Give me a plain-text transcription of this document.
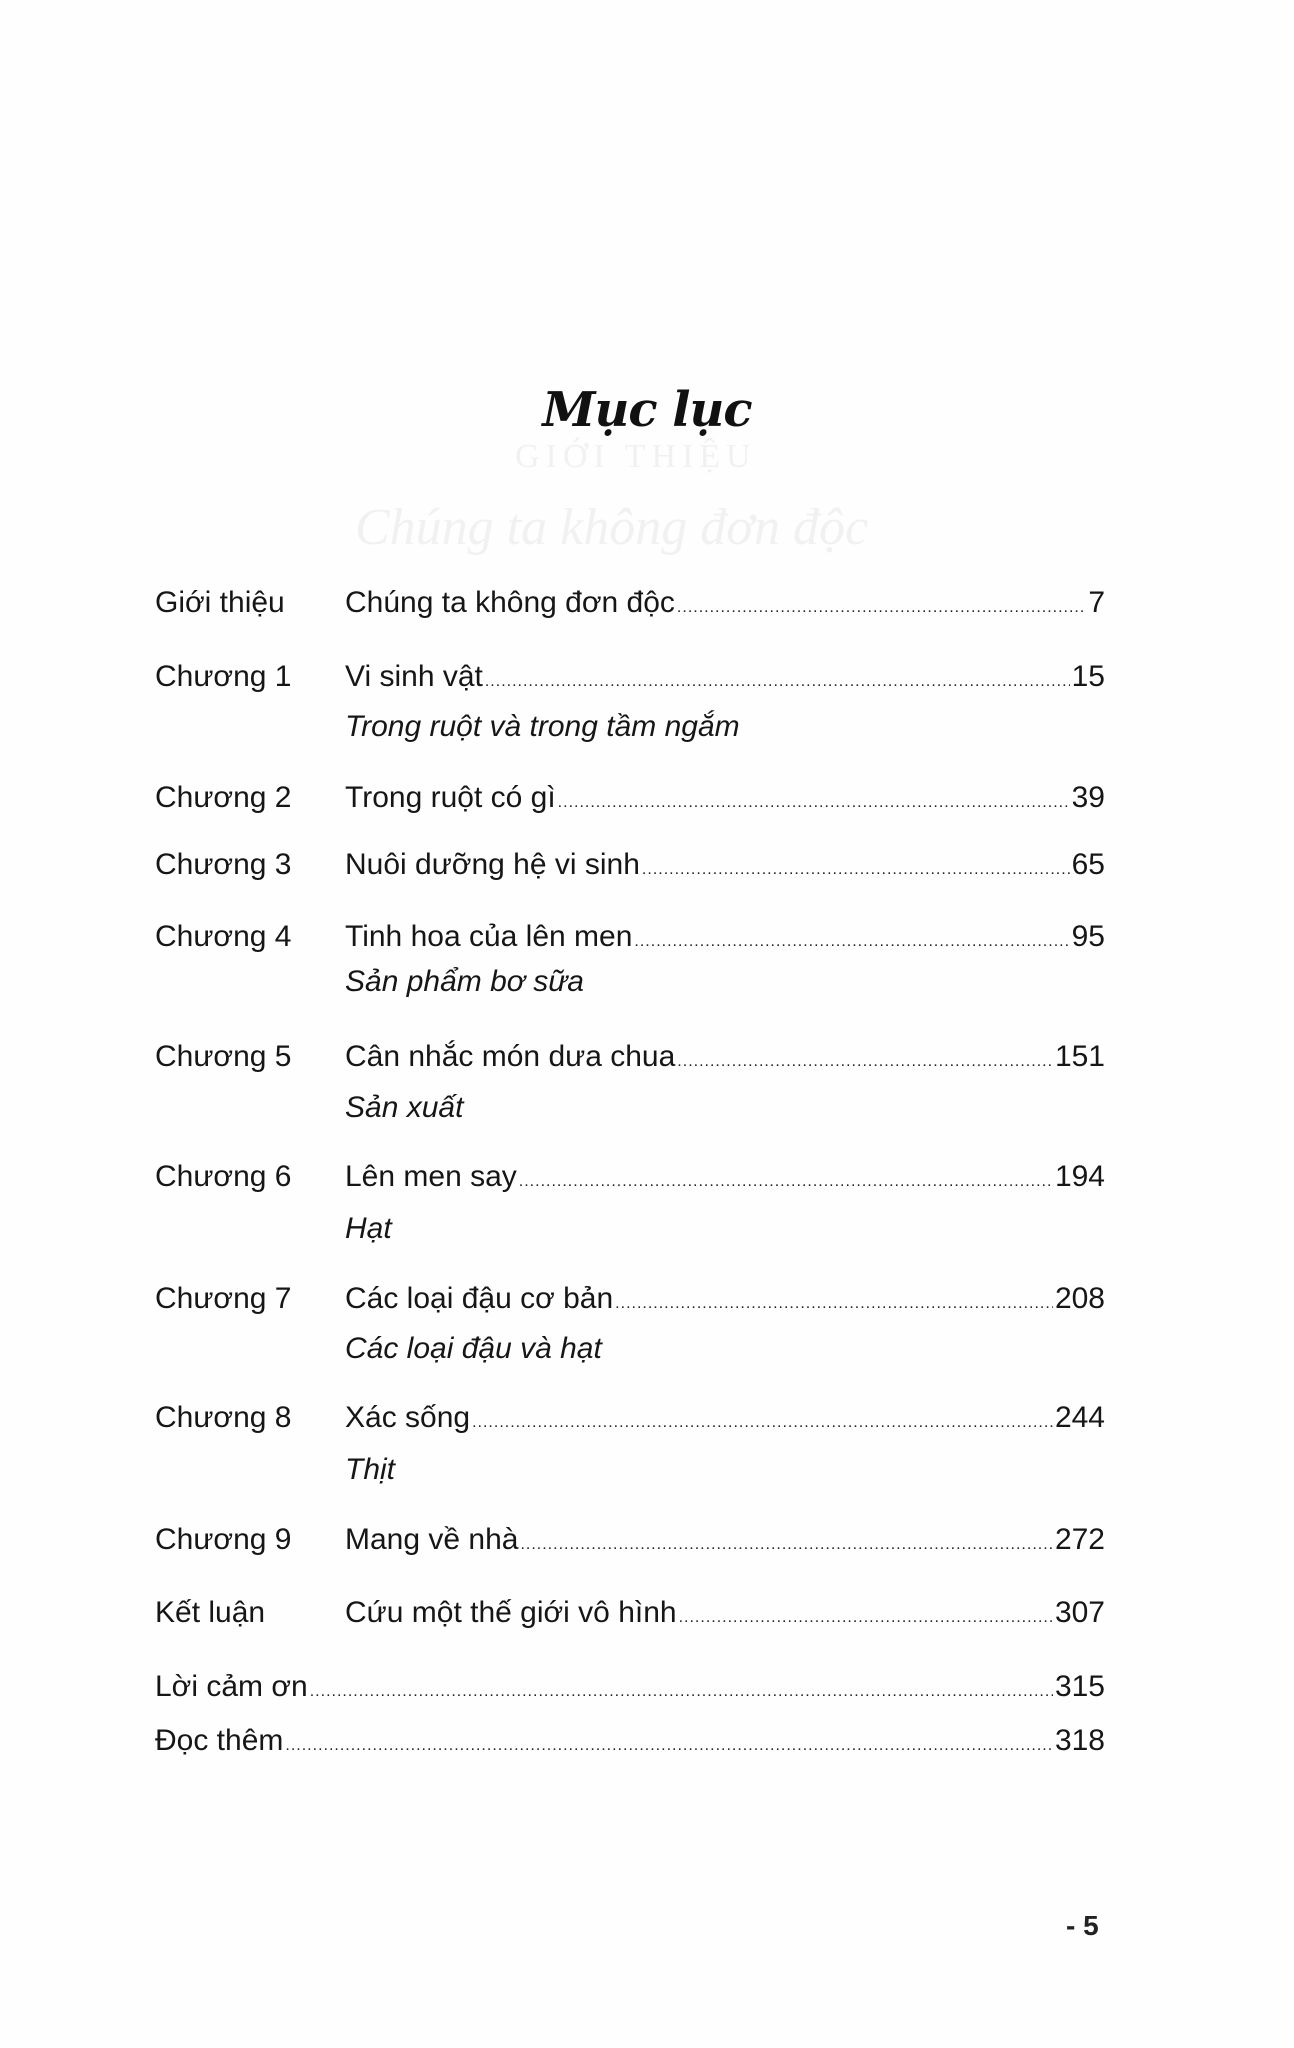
GIỚI THIỆU
Chúng ta không đơn độc
Mục lục
Giới thiệu	Chúng ta không đơn độc .....	7
Chương 1	Vi sinh vật .....	15
Trong ruột và trong tầm ngắm
Chương 2	Trong ruột có gì .....	39
Chương 3	Nuôi dưỡng hệ vi sinh .....	65
Chương 4	Tinh hoa của lên men .....	95
Sản phẩm bơ sữa
Chương 5	Cân nhắc món dưa chua .....	151
Sản xuất
Chương 6	Lên men say .....	194
Hạt
Chương 7	Các loại đậu cơ bản .....	208
Các loại đậu và hạt
Chương 8	Xác sống .....	244
Thịt
Chương 9	Mang về nhà .....	272
Kết luận	Cứu một thế giới vô hình .....	307
Lời cảm ơn .....	315
Đọc thêm .....	318
- 5
